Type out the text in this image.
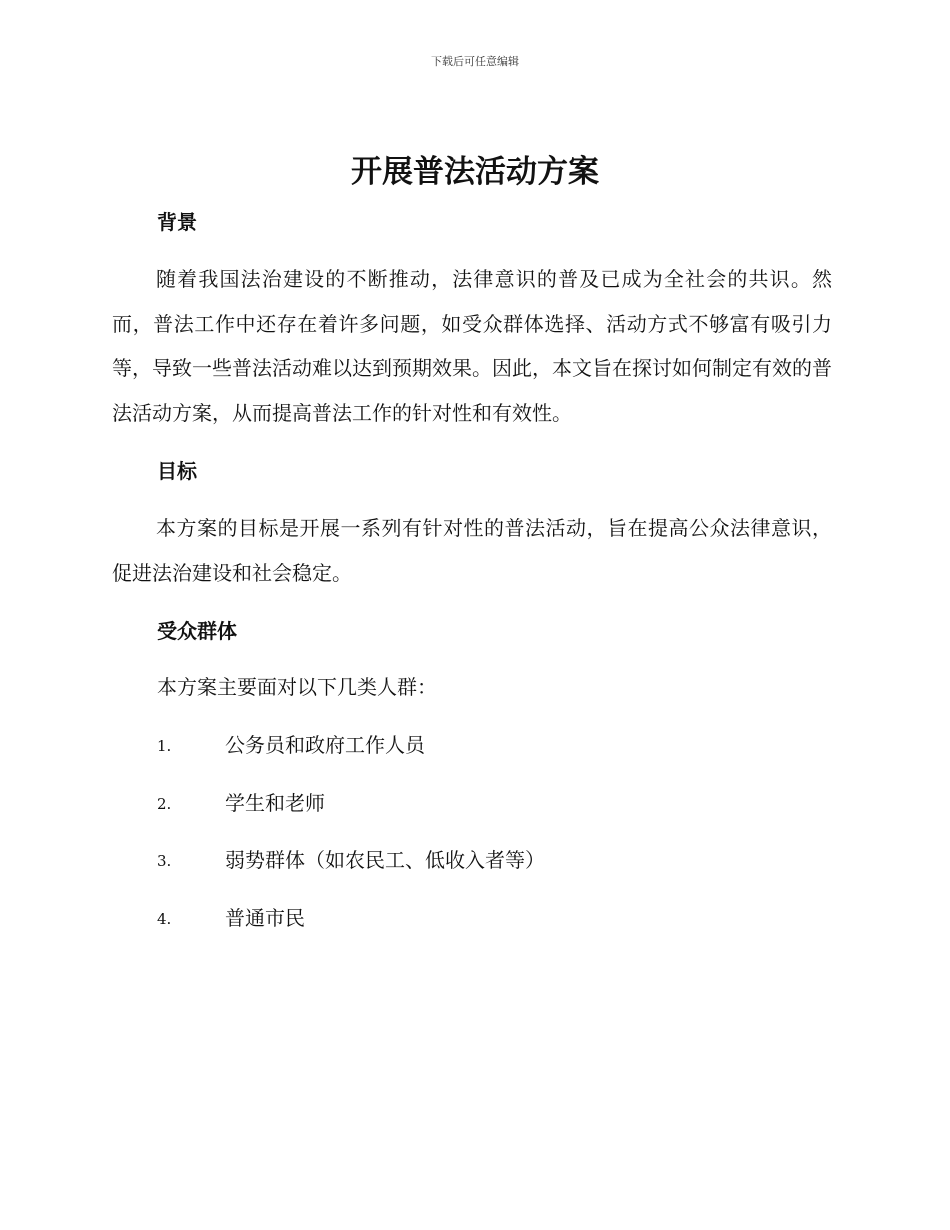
下载后可任意编辑
开展普法活动方案
背景

随着我国法治建设的不断推动，法律意识的普及已成为全社会的共识。然而，普法工作中还存在着许多问题，如受众群体选择、活动方式不够富有吸引力等，导致一些普法活动难以达到预期效果。因此，本文旨在探讨如何制定有效的普法活动方案，从而提高普法工作的针对性和有效性。

目标

本方案的目标是开展一系列有针对性的普法活动，旨在提高公众法律意识，促进法治建设和社会稳定。

受众群体

本方案主要面对以下几类人群：

1.	公务员和政府工作人员
2.	学生和老师
3.	弱势群体（如农民工、低收入者等）
4.	普通市民
